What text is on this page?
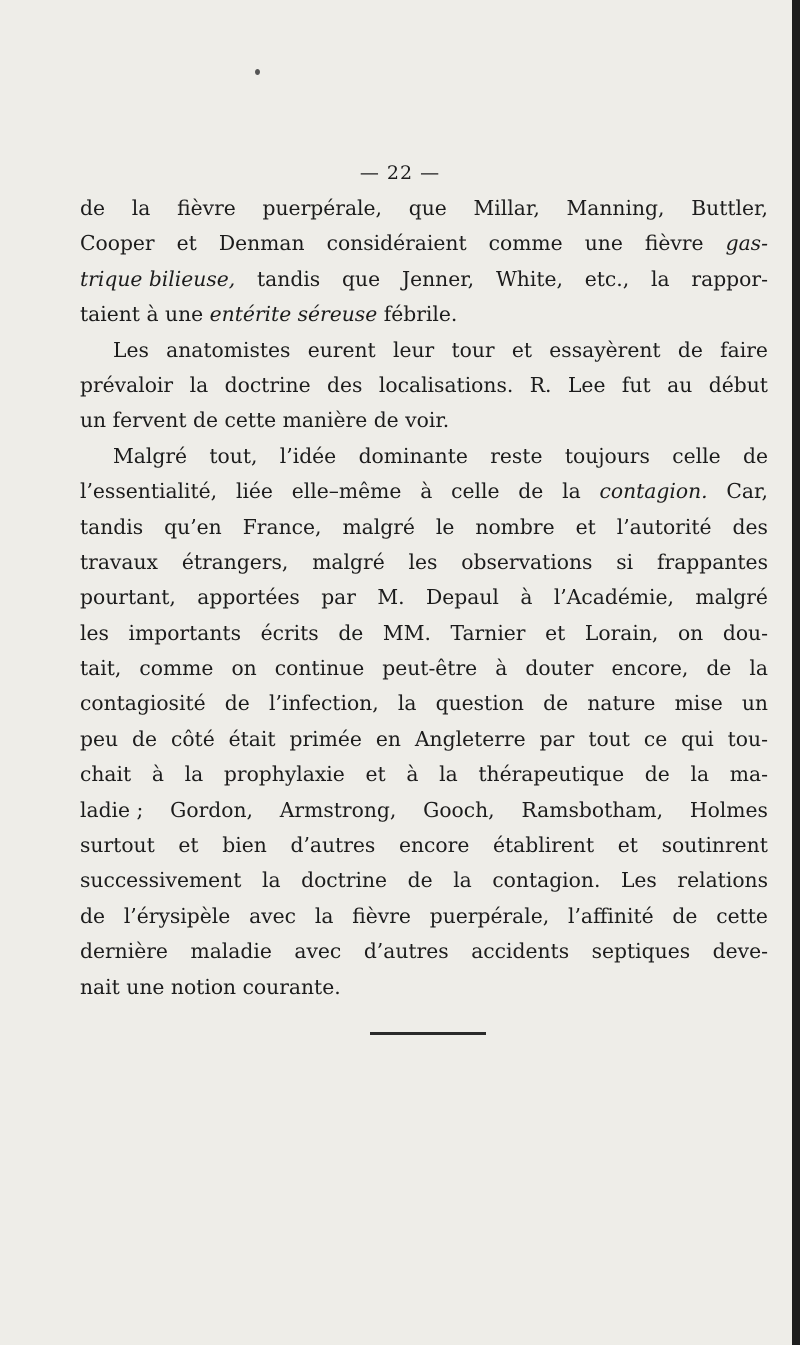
— 22 —
de la fièvre puerpérale, que Millar, Manning, Buttler,
Cooper et Denman considéraient comme une fièvre gas-
trique bilieuse, tandis que Jenner, White, etc., la rappor-
taient à une entérite séreuse fébrile.
Les anatomistes eurent leur tour et essayèrent de faire
prévaloir la doctrine des localisations. R. Lee fut au début
un fervent de cette manière de voir.
Malgré tout, l’idée dominante reste toujours celle de
l’essentialité, liée elle–même à celle de la contagion. Car,
tandis qu’en France, malgré le nombre et l’autorité des
travaux étrangers, malgré les observations si frappantes
pourtant, apportées par M. Depaul à l’Académie, malgré
les importants écrits de MM. Tarnier et Lorain, on dou-
tait, comme on continue peut-être à douter encore, de la
contagiosité de l’infection, la question de nature mise un
peu de côté était primée en Angleterre par tout ce qui tou-
chait à la prophylaxie et à la thérapeutique de la ma-
ladie ; Gordon, Armstrong, Gooch, Ramsbotham, Holmes
surtout et bien d’autres encore établirent et soutinrent
successivement la doctrine de la contagion. Les relations
de l’érysipèle avec la fièvre puerpérale, l’affinité de cette
dernière maladie avec d’autres accidents septiques deve-
nait une notion courante.
